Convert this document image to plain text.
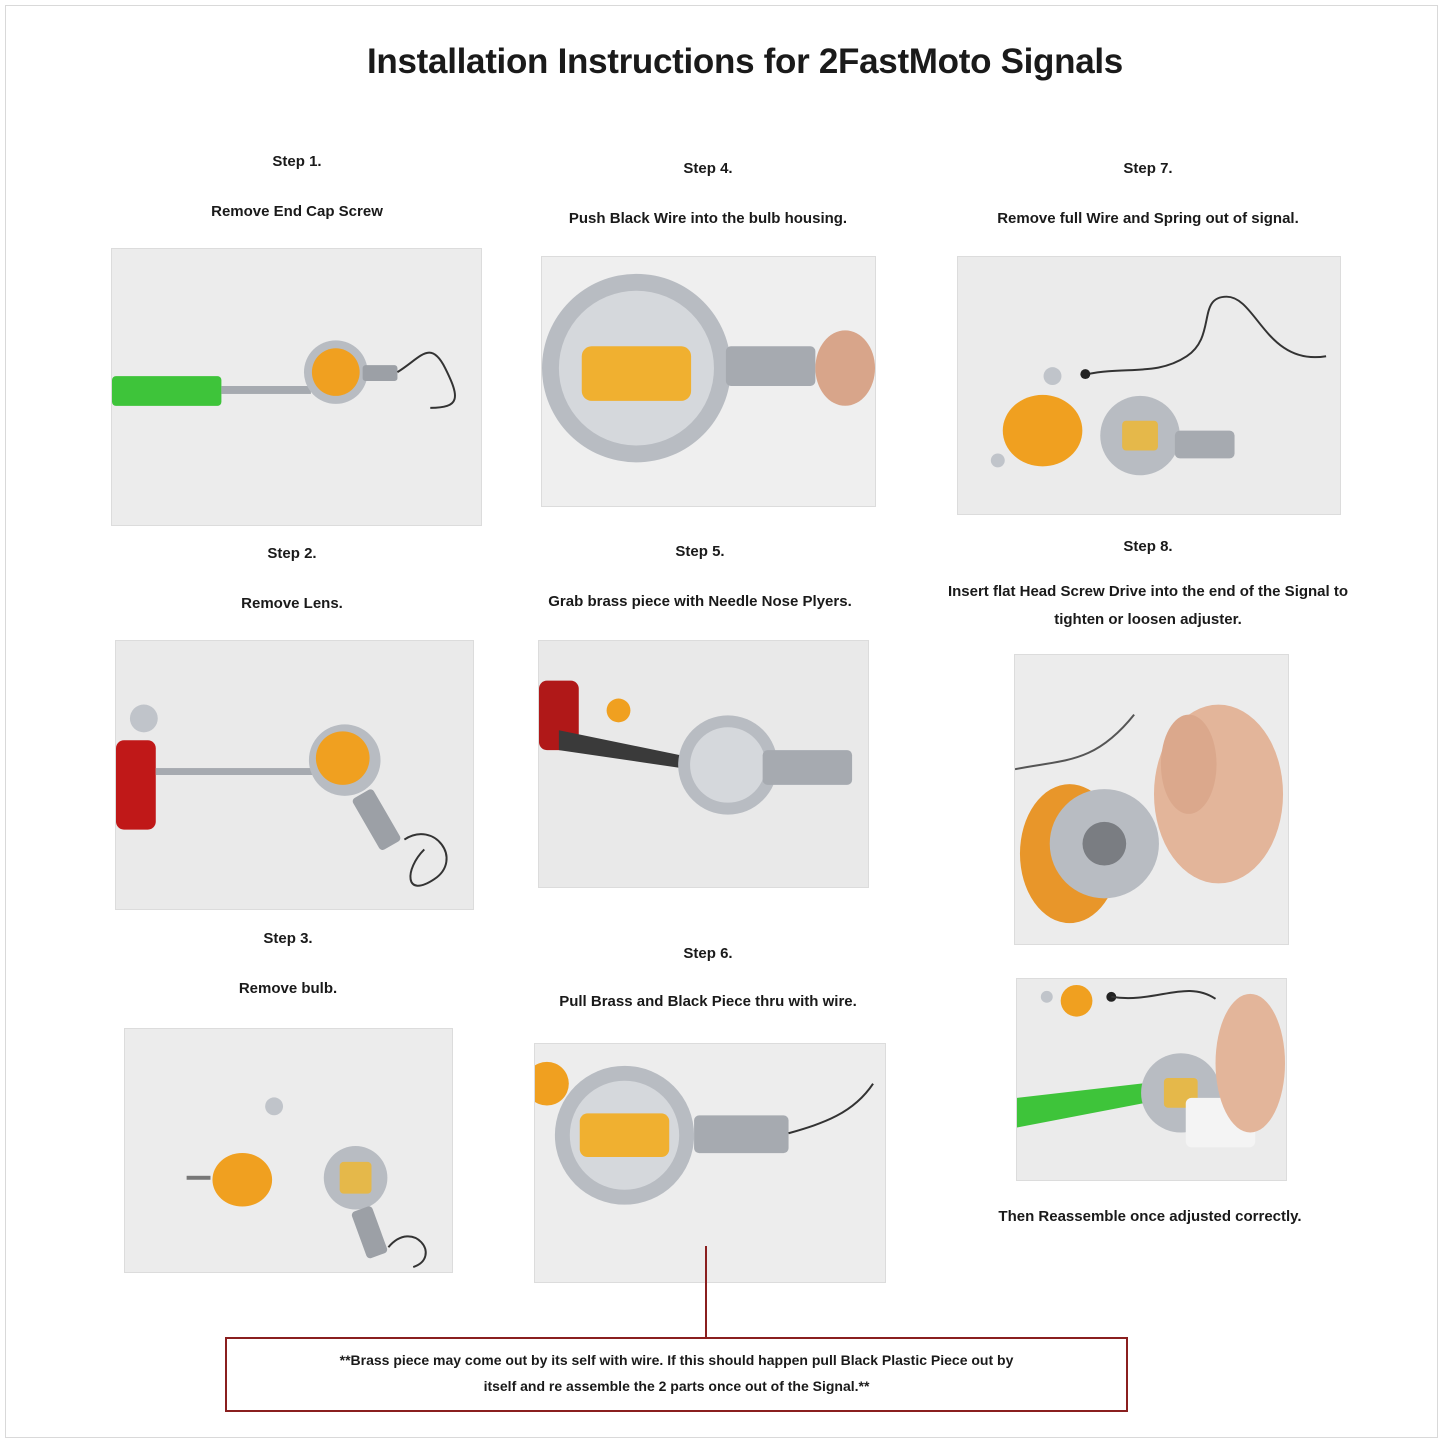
Installation Instructions for 2FastMoto Signals
Step 1.
Remove End Cap Screw
Step 2.
Remove Lens.
Step 3.
Remove bulb.
Step 4.
Push Black Wire into the bulb housing.
Step 5.
Grab brass piece with Needle Nose Plyers.
Step 6.
Pull Brass and Black Piece thru with wire.
Step 7.
Remove full Wire and Spring out of signal.
Step 8.
Insert flat Head Screw Drive into the end of the Signal to tighten or loosen adjuster.
Then Reassemble once adjusted correctly.
**Brass piece may come out by its self with wire. If this should happen pull Black Plastic Piece out by
itself and re assemble the 2 parts once out of the Signal.**
